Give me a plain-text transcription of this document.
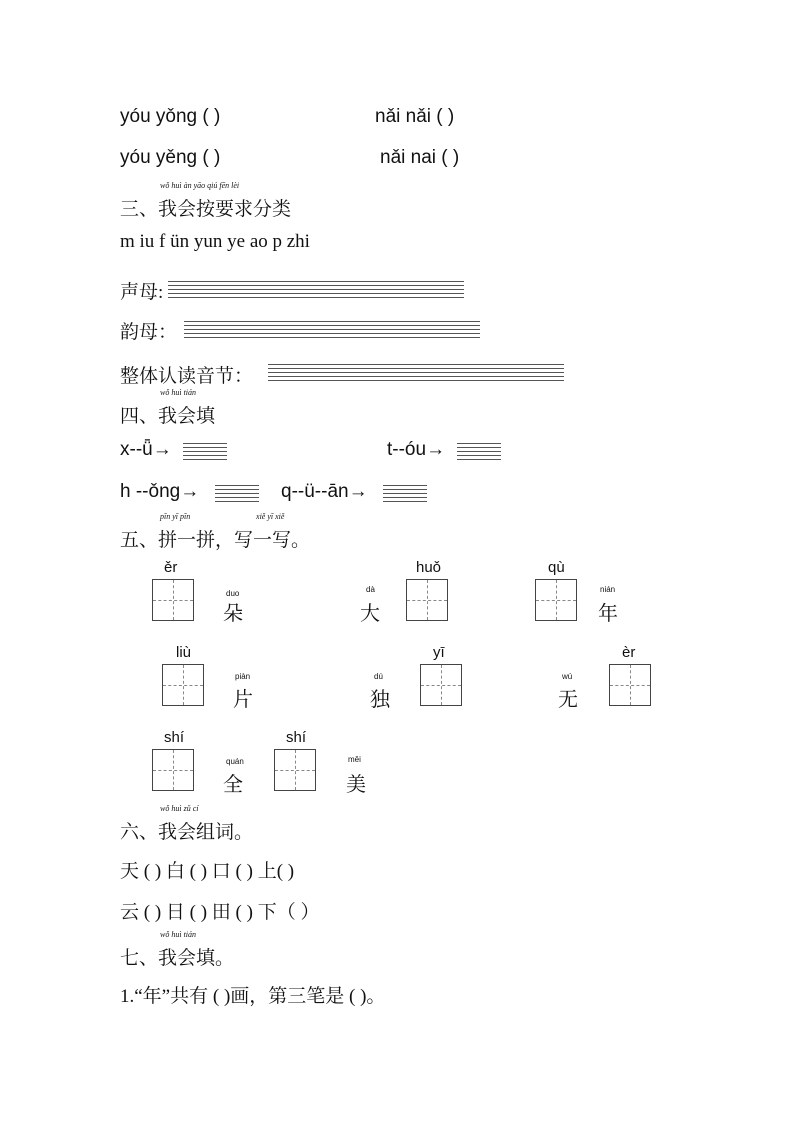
yóu yǒng ( )	nǎi nǎi ( )
yóu yěng ( )	nǎi nai ( )
三、
wǒ huì àn yāo qiú fēn lèi
我会按要求分类
m iu f ün yun ye ao p zhi
声母:
韵母：
整体认读音节：
四、
wǒ huì tián
我会填
x--ǖ→	t--óu→
h --ǒng→	q--ü--ān→
五、
pīn yī pīn	xiě yī xiě
拼一拼，写一写。
ěr
duo
朵
dà
大
huǒ	qù
nián
年
liù
piàn
片
dú
独
yī
wú
无
èr
shí
quán
全
shí
měi
美
六、
wǒ huì zǔ cí
我会组词。
天 ( ) 白 ( ) 口 ( ) 上( )
云 ( ) 日 ( ) 田 ( ) 下（ ）
七、
wǒ huì tián
我会填。
1.“年”共有 ( )画，第三笔是 ( )。
